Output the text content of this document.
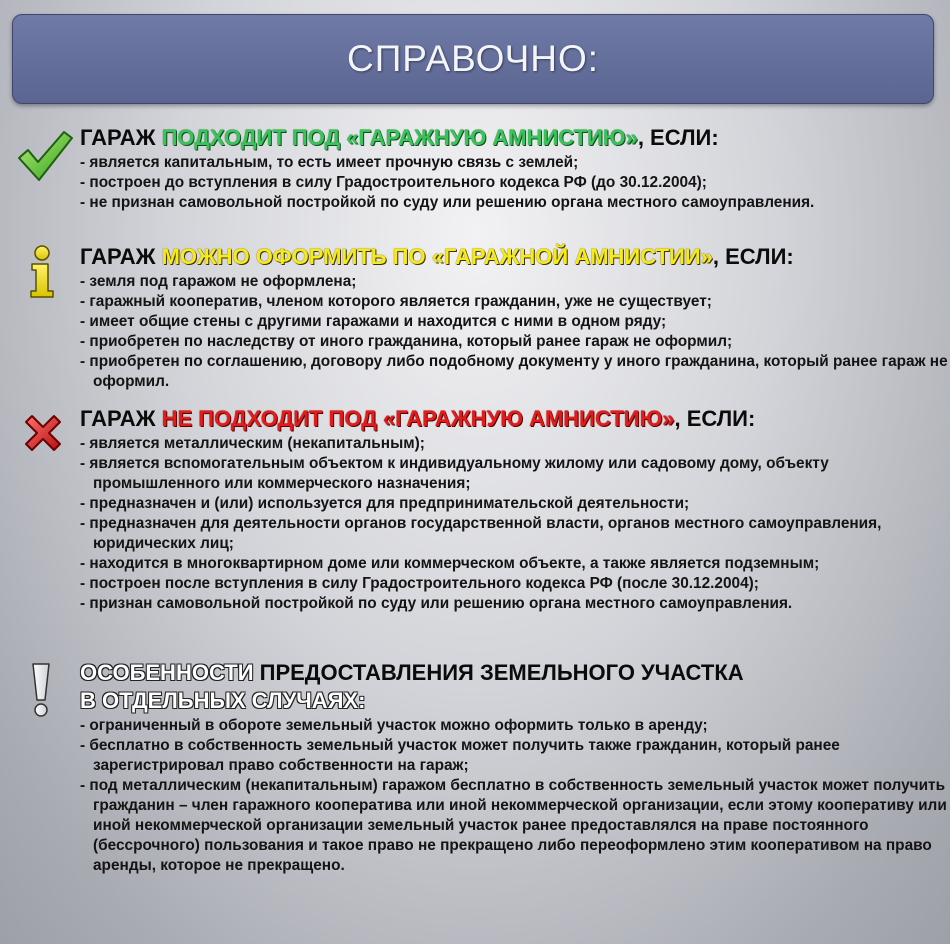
СПРАВОЧНО:
ГАРАЖ ПОДХОДИТ ПОД «ГАРАЖНУЮ АМНИСТИЮ», ЕСЛИ:
- является капитальным, то есть имеет прочную связь с землей;
- построен до вступления в силу Градостроительного кодекса РФ (до 30.12.2004);
- не признан самовольной постройкой по суду или решению органа местного самоуправления.
ГАРАЖ МОЖНО ОФОРМИТЬ ПО «ГАРАЖНОЙ АМНИСТИИ», ЕСЛИ:
- земля под гаражом не оформлена;
- гаражный кооператив, членом которого является гражданин, уже не существует;
- имеет общие стены с другими гаражами и находится с ними в одном ряду;
- приобретен по наследству от иного гражданина, который ранее гараж не оформил;
- приобретен по соглашению, договору либо подобному документу у иного гражданина, который ранее гараж не оформил.
ГАРАЖ НЕ ПОДХОДИТ ПОД «ГАРАЖНУЮ АМНИСТИЮ», ЕСЛИ:
- является металлическим (некапитальным);
- является вспомогательным объектом к индивидуальному жилому или садовому дому, объекту промышленного или коммерческого назначения;
- предназначен и (или) используется для предпринимательской деятельности;
- предназначен для деятельности органов государственной власти, органов местного самоуправления, юридических лиц;
- находится в многоквартирном доме или коммерческом объекте, а также является подземным;
- построен после вступления в силу Градостроительного кодекса РФ (после 30.12.2004);
- признан самовольной постройкой по суду или решению органа местного самоуправления.
ОСОБЕННОСТИ ПРЕДОСТАВЛЕНИЯ ЗЕМЕЛЬНОГО УЧАСТКА
В ОТДЕЛЬНЫХ СЛУЧАЯХ:
- ограниченный в обороте земельный участок можно оформить только в аренду;
- бесплатно в собственность земельный участок может получить также гражданин, который ранее зарегистрировал право собственности на гараж;
- под металлическим (некапитальным) гаражом бесплатно в собственность земельный участок может получить гражданин – член гаражного кооператива или иной некоммерческой организации, если этому кооперативу или иной некоммерческой организации земельный участок ранее предоставлялся на праве постоянного (бессрочного) пользования и такое право не прекращено либо переоформлено этим кооперативом на право аренды, которое не прекращено.
